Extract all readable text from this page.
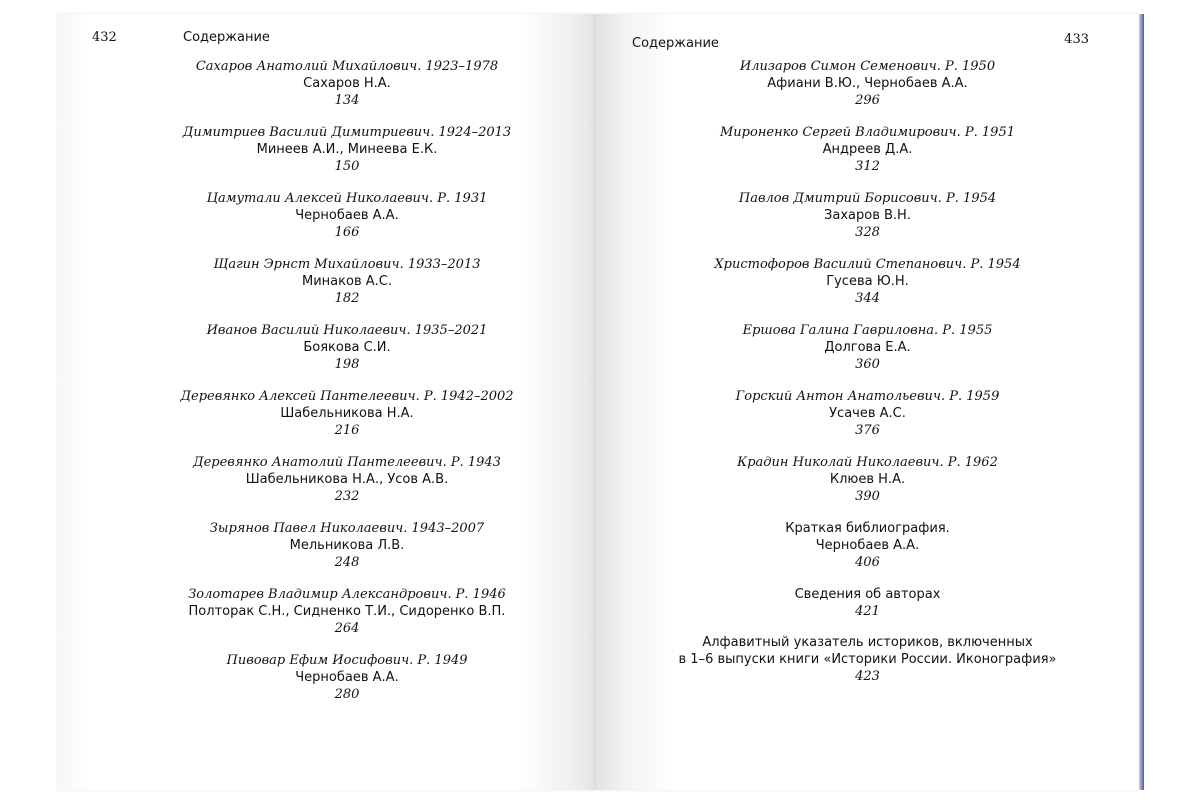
432	Содержание
Сахаров Анатолий Михайлович. 1923–1978
Сахаров Н.А.
134
Димитриев Василий Димитриевич. 1924–2013
Минеев А.И., Минеева Е.К.
150
Цамутали Алексей Николаевич. Р. 1931
Чернобаев А.А.
166
Щагин Эрнст Михайлович. 1933–2013
Минаков А.С.
182
Иванов Василий Николаевич. 1935–2021
Боякова С.И.
198
Деревянко Алексей Пантелеевич. Р. 1942–2002
Шабельникова Н.А.
216
Деревянко Анатолий Пантелеевич. Р. 1943
Шабельникова Н.А., Усов А.В.
232
Зырянов Павел Николаевич. 1943–2007
Мельникова Л.В.
248
Золотарев Владимир Александрович. Р. 1946
Полторак С.Н., Сидненко Т.И., Сидоренко В.П.
264
Пивовар Ефим Иосифович. Р. 1949
Чернобаев А.А.
280
Содержание	433
Илизаров Симон Семенович. Р. 1950
Афиани В.Ю., Чернобаев А.А.
296
Мироненко Сергей Владимирович. Р. 1951
Андреев Д.А.
312
Павлов Дмитрий Борисович. Р. 1954
Захаров В.Н.
328
Христофоров Василий Степанович. Р. 1954
Гусева Ю.Н.
344
Ершова Галина Гавриловна. Р. 1955
Долгова Е.А.
360
Горский Антон Анатольевич. Р. 1959
Усачев А.С.
376
Крадин Николай Николаевич. Р. 1962
Клюев Н.А.
390
Краткая библиография.
Чернобаев А.А.
406
Сведения об авторах
421
Алфавитный указатель историков, включенных
в 1–6 выпуски книги «Историки России. Иконография»
423
